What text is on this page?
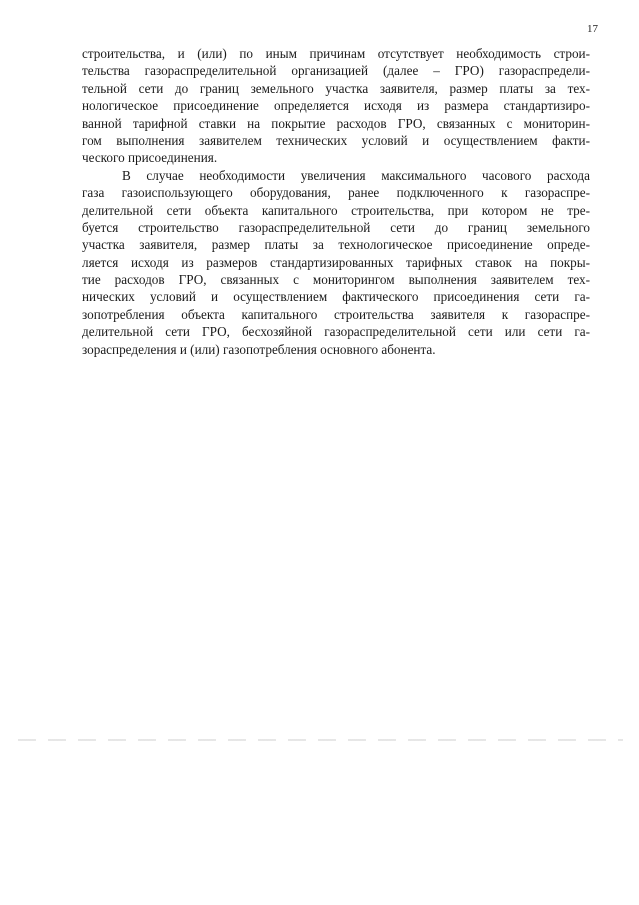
17
строительства, и (или) по иным причинам отсутствует необходимость строи-
тельства газораспределительной организацией (далее – ГРО) газораспредели-
тельной сети до границ земельного участка заявителя, размер платы за тех-
нологическое присоединение определяется исходя из размера стандартизиро-
ванной тарифной ставки на покрытие расходов ГРО, связанных с мониторин-
гом выполнения заявителем технических условий и осуществлением факти-
ческого присоединения.
В случае необходимости увеличения максимального часового расхода
газа газоиспользующего оборудования, ранее подключенного к газораспре-
делительной сети объекта капитального строительства, при котором не тре-
буется строительство газораспределительной сети до границ земельного
участка заявителя, размер платы за технологическое присоединение опреде-
ляется исходя из размеров стандартизированных тарифных ставок на покры-
тие расходов ГРО, связанных с мониторингом выполнения заявителем тех-
нических условий и осуществлением фактического присоединения сети га-
зопотребления объекта капитального строительства заявителя к газораспре-
делительной сети ГРО, бесхозяйной газораспределительной сети или сети га-
зораспределения и (или) газопотребления основного абонента.
